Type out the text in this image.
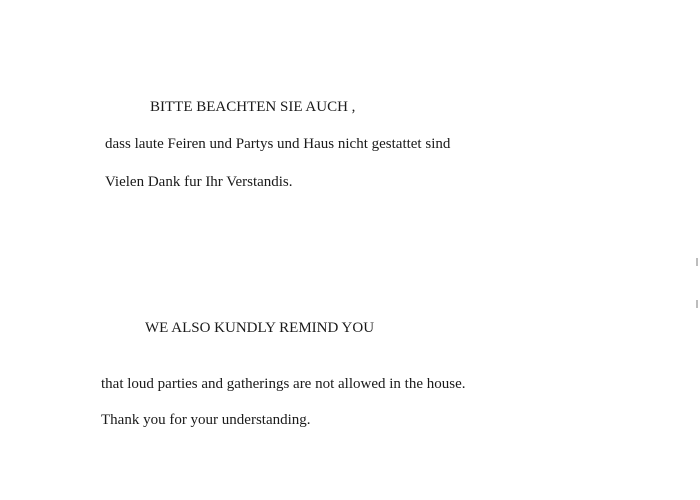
BITTE BEACHTEN SIE AUCH ,
dass laute Feiren und Partys und Haus nicht gestattet sind
Vielen Dank fur Ihr Verstandis.
WE ALSO KUNDLY REMIND YOU
that loud parties and gatherings are not allowed in the house.
Thank you for your understanding.
